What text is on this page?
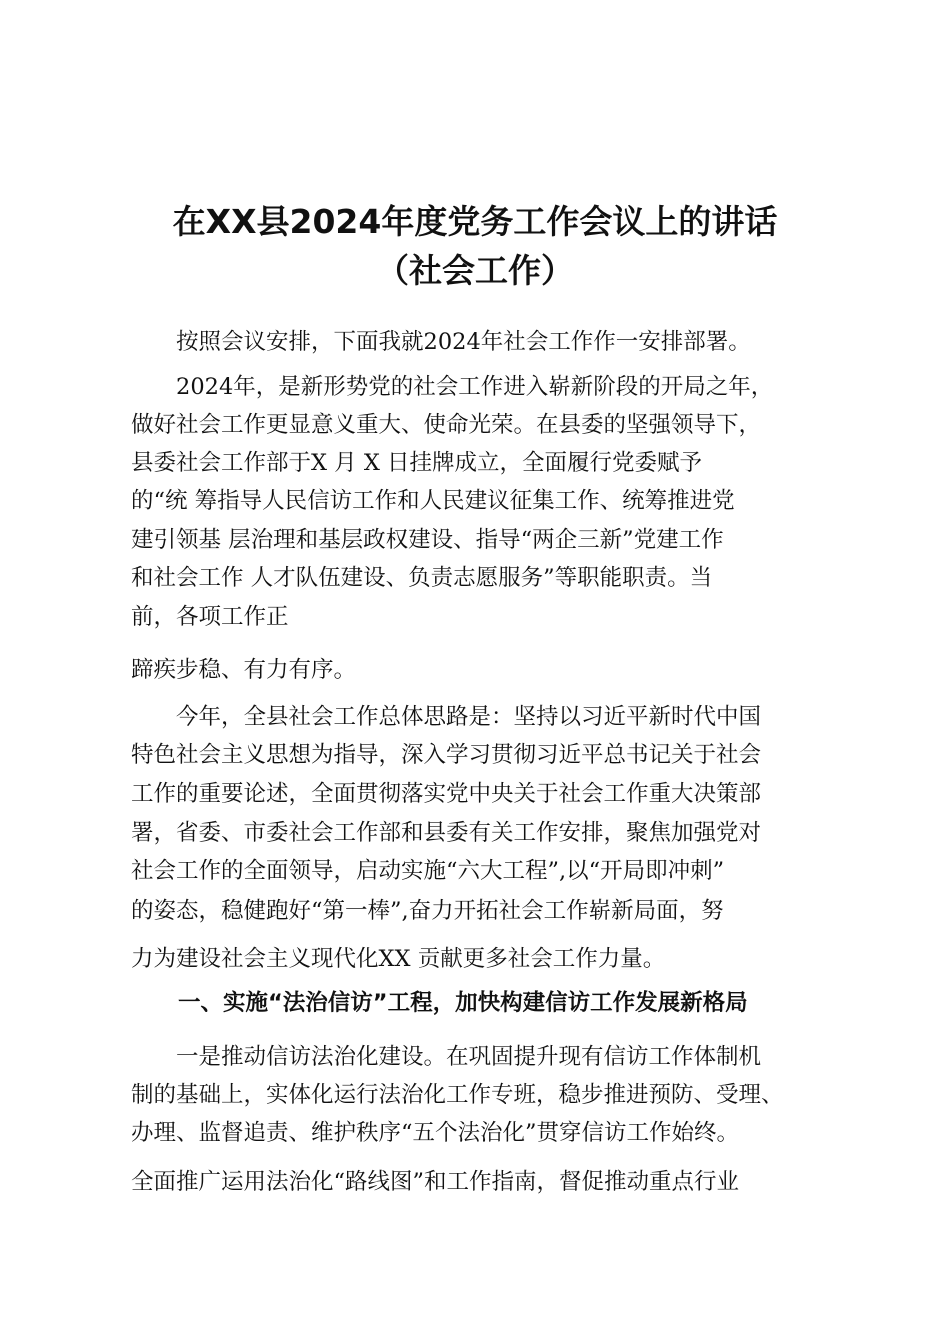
在XX县2024年度党务工作会议上的讲话
（社会工作）
　　按照会议安排，下面我就2024年社会工作作一安排部署。
　　2024年，是新形势党的社会工作进入崭新阶段的开局之年，
做好社会工作更显意义重大、使命光荣。在县委的坚强领导下，
县委社会工作部于X 月 X 日挂牌成立，全面履行党委赋予
的“统 筹指导人民信访工作和人民建议征集工作、统筹推进党
建引领基 层治理和基层政权建设、指导“两企三新”党建工作
和社会工作 人才队伍建设、负责志愿服务”等职能职责。当
前，各项工作正
蹄疾步稳、有力有序。
　　今年，全县社会工作总体思路是：坚持以习近平新时代中国
特色社会主义思想为指导，深入学习贯彻习近平总书记关于社会
工作的重要论述，全面贯彻落实党中央关于社会工作重大决策部
署，省委、市委社会工作部和县委有关工作安排，聚焦加强党对
社会工作的全面领导，启动实施“六大工程”,以“开局即冲刺”
的姿态，稳健跑好“第一棒”,奋力开拓社会工作崭新局面，努
力为建设社会主义现代化XX 贡献更多社会工作力量。
一、实施“法治信访”工程，加快构建信访工作发展新格局
　　一是推动信访法治化建设。在巩固提升现有信访工作体制机
制的基础上，实体化运行法治化工作专班，稳步推进预防、受理、
办理、监督追责、维护秩序“五个法治化”贯穿信访工作始终。
全面推广运用法治化“路线图”和工作指南，督促推动重点行业
